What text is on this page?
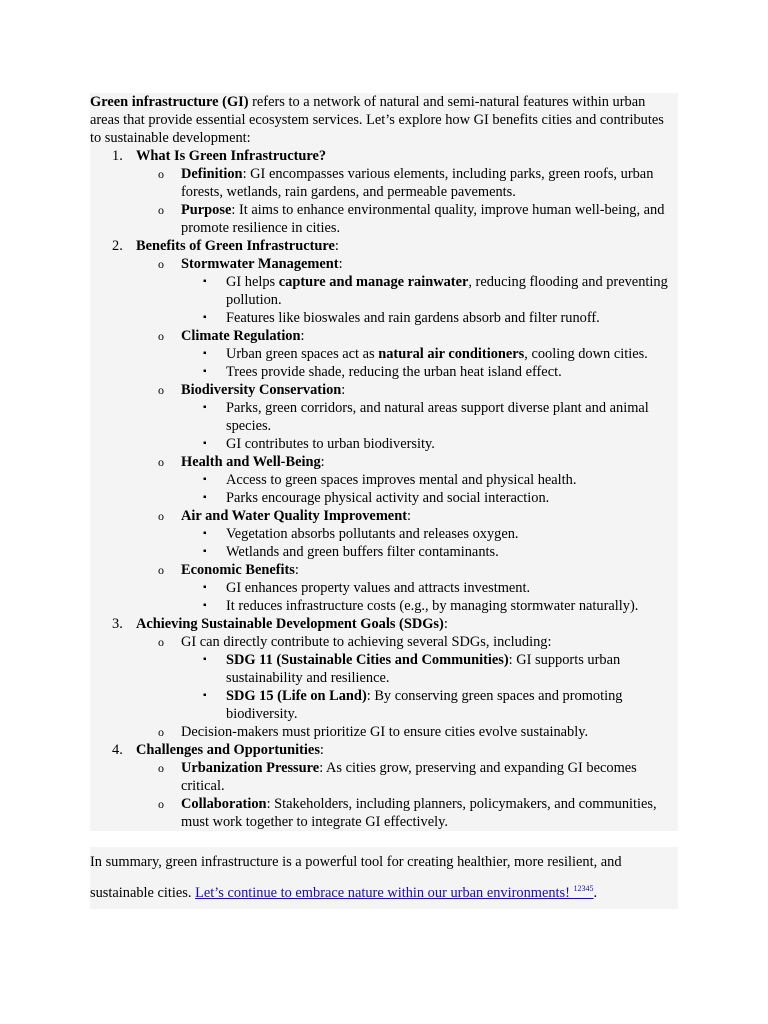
Green infrastructure (GI) refers to a network of natural and semi-natural features within urban areas that provide essential ecosystem services. Let’s explore how GI benefits cities and contributes to sustainable development:

1. What Is Green Infrastructure?
o Definition: GI encompasses various elements, including parks, green roofs, urban forests, wetlands, rain gardens, and permeable pavements.
o Purpose: It aims to enhance environmental quality, improve human well-being, and promote resilience in cities.
2. Benefits of Green Infrastructure:
o Stormwater Management:
▪ GI helps capture and manage rainwater, reducing flooding and preventing pollution.
▪ Features like bioswales and rain gardens absorb and filter runoff.
o Climate Regulation:
▪ Urban green spaces act as natural air conditioners, cooling down cities.
▪ Trees provide shade, reducing the urban heat island effect.
o Biodiversity Conservation:
▪ Parks, green corridors, and natural areas support diverse plant and animal species.
▪ GI contributes to urban biodiversity.
o Health and Well-Being:
▪ Access to green spaces improves mental and physical health.
▪ Parks encourage physical activity and social interaction.
o Air and Water Quality Improvement:
▪ Vegetation absorbs pollutants and releases oxygen.
▪ Wetlands and green buffers filter contaminants.
o Economic Benefits:
▪ GI enhances property values and attracts investment.
▪ It reduces infrastructure costs (e.g., by managing stormwater naturally).
3. Achieving Sustainable Development Goals (SDGs):
o GI can directly contribute to achieving several SDGs, including:
▪ SDG 11 (Sustainable Cities and Communities): GI supports urban sustainability and resilience.
▪ SDG 15 (Life on Land): By conserving green spaces and promoting biodiversity.
o Decision-makers must prioritize GI to ensure cities evolve sustainably.
4. Challenges and Opportunities:
o Urbanization Pressure: As cities grow, preserving and expanding GI becomes critical.
o Collaboration: Stakeholders, including planners, policymakers, and communities, must work together to integrate GI effectively.
In summary, green infrastructure is a powerful tool for creating healthier, more resilient, and sustainable cities. Let’s continue to embrace nature within our urban environments! $^{12345}$.
